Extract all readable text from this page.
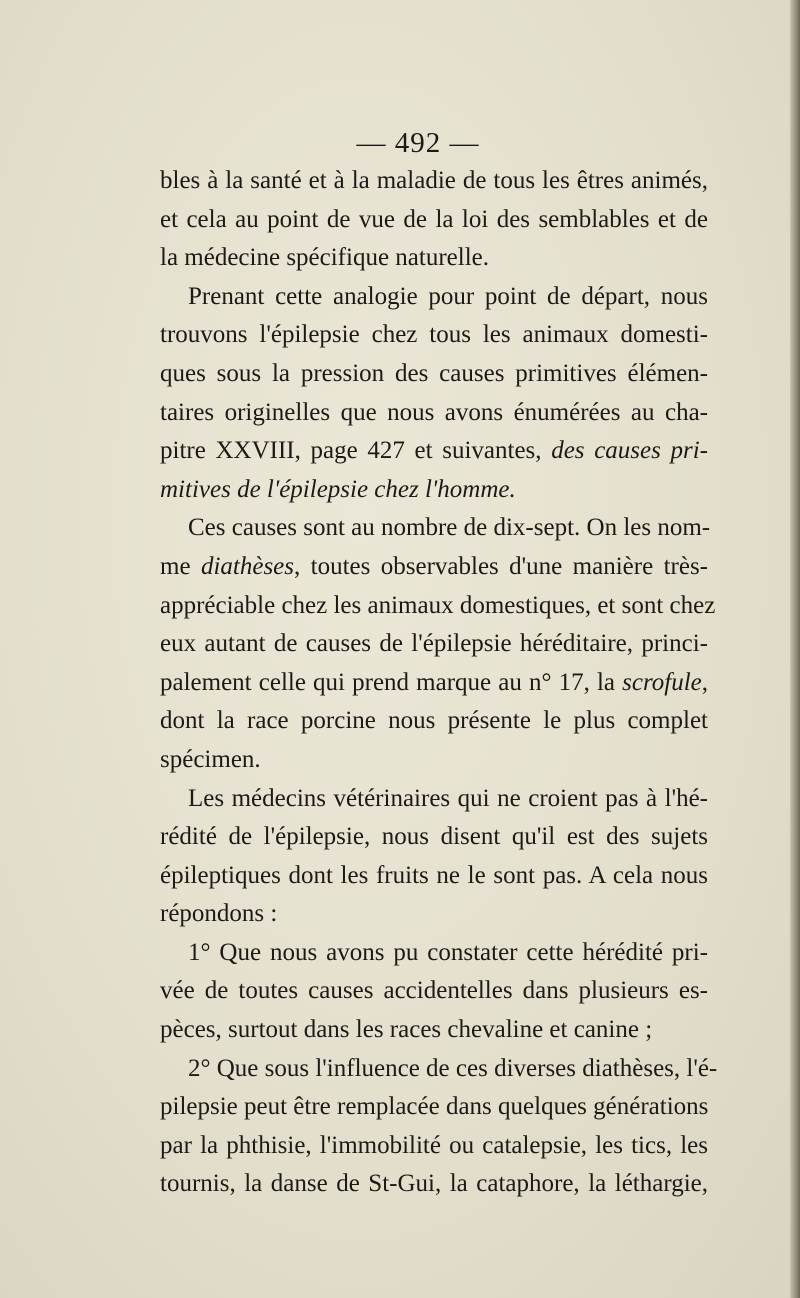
— 492 —
bles à la santé et à la maladie de tous les êtres animés,
et cela au point de vue de la loi des semblables et de
la médecine spécifique naturelle.
Prenant cette analogie pour point de départ, nous
trouvons l'épilepsie chez tous les animaux domesti-
ques sous la pression des causes primitives élémen-
taires originelles que nous avons énumérées au cha-
pitre XXVIII, page 427 et suivantes, des causes pri-
mitives de l'épilepsie chez l'homme.
Ces causes sont au nombre de dix-sept. On les nom-
me diathèses, toutes observables d'une manière très-
appréciable chez les animaux domestiques, et sont chez
eux autant de causes de l'épilepsie héréditaire, princi-
palement celle qui prend marque au n° 17, la scrofule,
dont la race porcine nous présente le plus complet
spécimen.
Les médecins vétérinaires qui ne croient pas à l'hé-
rédité de l'épilepsie, nous disent qu'il est des sujets
épileptiques dont les fruits ne le sont pas. A cela nous
répondons :
1° Que nous avons pu constater cette hérédité pri-
vée de toutes causes accidentelles dans plusieurs es-
pèces, surtout dans les races chevaline et canine ;
2° Que sous l'influence de ces diverses diathèses, l'é-
pilepsie peut être remplacée dans quelques générations
par la phthisie, l'immobilité ou catalepsie, les tics, les
tournis, la danse de St-Gui, la cataphore, la léthargie,
